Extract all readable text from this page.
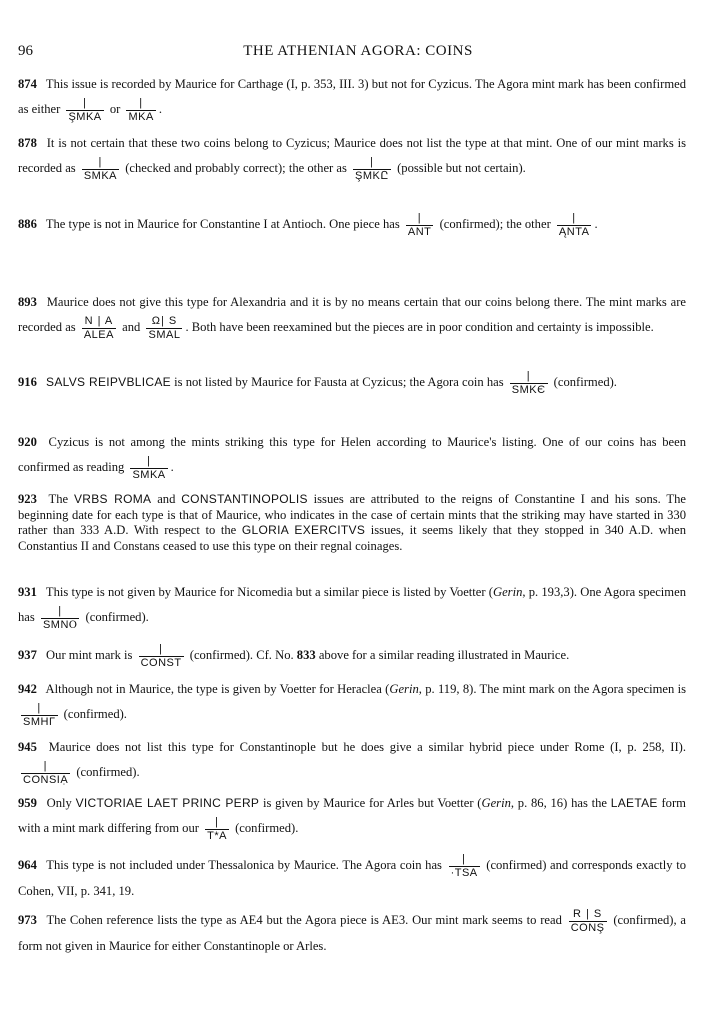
96	THE ATHENIAN AGORA: COINS
874 This issue is recorded by Maurice for Carthage (I, p. 353, III. 3) but not for Cyzicus. The Agora mint mark has been confirmed as either	|
ŞMKA
or	|
MKA
.
878 It is not certain that these two coins belong to Cyzicus; Maurice does not list the type at that mint. One of our mint marks is recorded as	|
SMKA
(checked and probably correct); the other as	|
ŞMKԸ
(possible but not certain).
886 The type is not in Maurice for Constantine I at Antioch. One piece has	|
ANT
(confirmed); the other	|
ĄNTA
.
893 Maurice does not give this type for Alexandria and it is by no means certain that our coins belong there. The mint marks are recorded as N | A
ALEA
and Ω| S
SMAL
. Both have been reexamined but the pieces are in poor condition and certainty is impossible.
916 SALVS REIPVBLICAE is not listed by Maurice for Fausta at Cyzicus; the Agora coin has	|
SMKЄ
(confirmed).
920 Cyzicus is not among the mints striking this type for Helen according to Maurice's listing. One of our coins has been confirmed as reading	|
SMKA
.
923 The VRBS ROMA and CONSTANTINOPOLIS issues are attributed to the reigns of Constantine I and his sons. The beginning date for each type is that of Maurice, who indicates in the case of certain mints that the striking may have started in 330 rather than 333 A.D. With respect to the GLORIA EXERCITVS issues, it seems likely that they stopped in 340 A.D. when Constantius II and Constans ceased to use this type on their regnal coinages.
931 This type is not given by Maurice for Nicomedia but a similar piece is listed by Voetter (Gerin, p. 193,3). One Agora specimen has	|
SMNⲞ
(confirmed).
937 Our mint mark is	|
CONST
(confirmed). Cf. No. 833 above for a similar reading illustrated in Maurice.
942 Although not in Maurice, the type is given by Voetter for Heraclea (Gerin, p. 119, 8). The mint mark on the Agora specimen is
|
SMHΓ
(confirmed).
945 Maurice does not list this type for Constantinople but he does give a similar hybrid piece under Rome (I, p. 258, II).
|
CONSIẠ
(confirmed).
959 Only VICTORIAE LAET PRINC PERP is given by Maurice for Arles but Voetter (Gerin, p. 86, 16) has the LAETAE form with a mint mark differing from our	|
T*A
(confirmed).
964 This type is not included under Thessalonica by Maurice. The Agora coin has	|
·TSA
(confirmed) and corresponds exactly to Cohen, VII, p. 341, 19.
973 The Cohen reference lists the type as AE4 but the Agora piece is AE3. Our mint mark seems to read R | S
CONŞ
(confirmed), a form not given in Maurice for either Constantinople or Arles.
